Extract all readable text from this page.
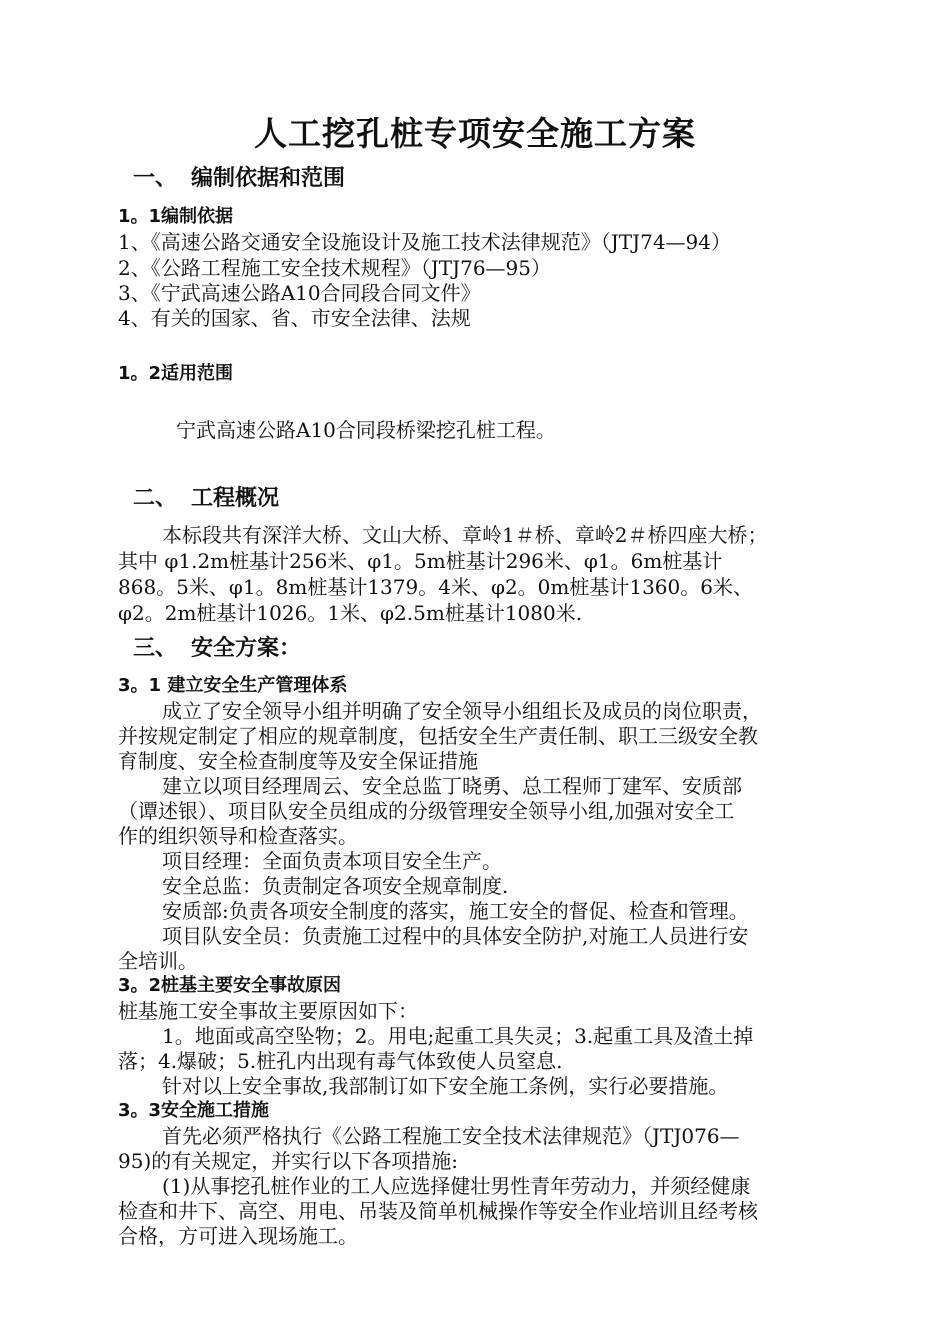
人工挖孔桩专项安全施工方案
一、 编制依据和范围
1。1编制依据
1、《高速公路交通安全设施设计及施工技术法律规范》（JTJ74—94）
2、《公路工程施工安全技术规程》（JTJ76—95）
3、《宁武高速公路A10合同段合同文件》
4、有关的国家、省、市安全法律、法规
1。2适用范围
宁武高速公路A10合同段桥梁挖孔桩工程。
二、 工程概况
本标段共有深洋大桥、文山大桥、章岭1＃桥、章岭2＃桥四座大桥；
其中 φ1.2m桩基计256米、φ1。5m桩基计296米、φ1。6m桩基计
868。5米、φ1。8m桩基计1379。4米、φ2。0m桩基计1360。6米、
φ2。2m桩基计1026。1米、φ2.5m桩基计1080米.
三、 安全方案：
3。1 建立安全生产管理体系
成立了安全领导小组并明确了安全领导小组组长及成员的岗位职责，
并按规定制定了相应的规章制度，包括安全生产责任制、职工三级安全教
育制度、安全检查制度等及安全保证措施
建立以项目经理周云、安全总监丁晓勇、总工程师丁建军、安质部
（谭述银）、项目队安全员组成的分级管理安全领导小组,加强对安全工
作的组织领导和检查落实。
项目经理：全面负责本项目安全生产。
安全总监：负责制定各项安全规章制度.
安质部:负责各项安全制度的落实，施工安全的督促、检查和管理。
项目队安全员：负责施工过程中的具体安全防护,对施工人员进行安
全培训。
3。2桩基主要安全事故原因
桩基施工安全事故主要原因如下：
1。地面或高空坠物；2。用电;起重工具失灵；3.起重工具及渣土掉
落；4.爆破；5.桩孔内出现有毒气体致使人员窒息.
针对以上安全事故,我部制订如下安全施工条例，实行必要措施。
3。3安全施工措施
首先必须严格执行《公路工程施工安全技术法律规范》（JTJ076—
95)的有关规定，并实行以下各项措施:
(1)从事挖孔桩作业的工人应选择健壮男性青年劳动力，并须经健康
检查和井下、高空、用电、吊装及简单机械操作等安全作业培训且经考核
合格，方可进入现场施工。
